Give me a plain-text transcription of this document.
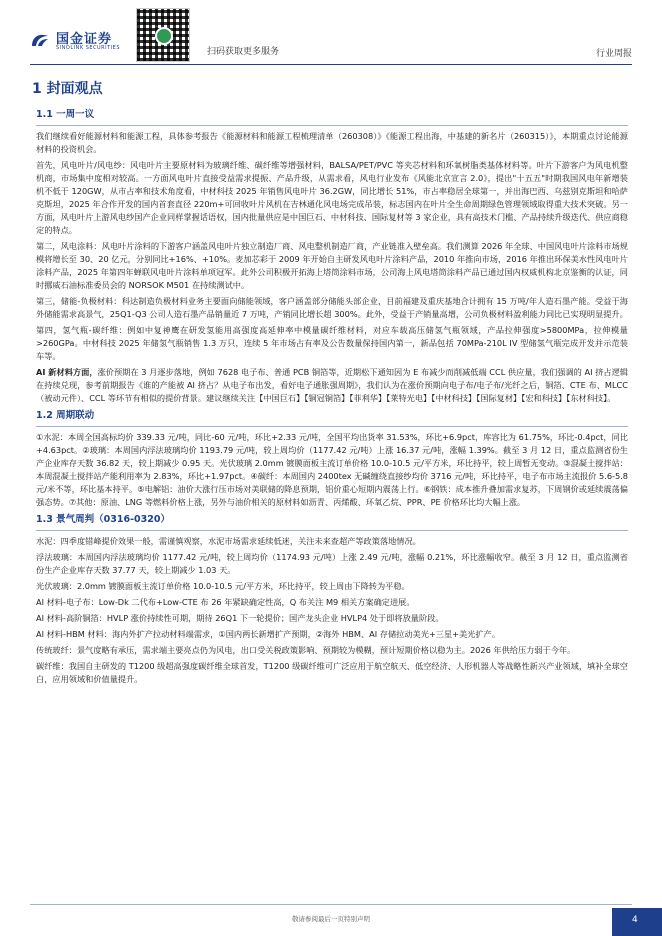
国金证券
SINOLINK SECURITIES	扫码获取更多服务	行业周报
1 封面观点
1.1 一周一议

我们继续看好能源材料和能源工程，具体参考报告《能源材料和能源工程梳理清单（260308）》《能源工程出海，中基建的新名片（260315）》，本期重点讨论能源材料的投资机会。

首先，风电叶片/风电纱：风电叶片主要原材料为玻璃纤维、碳纤维等增强材料，BALSA/PET/PVC 等夹芯材料和环氧树脂类基体材料等。叶片下游客户为风电机整机商，市场集中度相对较高。一方面风电叶片直接受益需求提振、产品升级，从需求看，风电行业发布《风能北京宣言 2.0》，提出"十五五"时期我国风电年新增装机不低于 120GW，从市占率和技术角度看，中材科技 2025 年销售风电叶片 36.2GW，同比增长 51%，市占率稳居全球第一，并出海巴西、乌兹别克斯坦和哈萨克斯坦，2025 年合作开发的国内首套直径 220m+可回收叶片风机在吉林通化风电场完成吊装，标志国内在叶片全生命周期绿色管理领域取得重大技术突破。另一方面，风电叶片上游风电纱国产企业同样掌握话语权，国内批量供应是中国巨石、中材科技、国际复材等 3 家企业，具有高技术门槛、产品持续升级迭代、供应商稳定的特点。

第二，风电涂料：风电叶片涂料的下游客户涵盖风电叶片独立制造厂商、风电整机制造厂商，产业链准入壁垒高。我们测算 2026 年全球、中国风电叶片涂料市场规模将增长至 30、20 亿元，分别同比+16%、+10%。麦加芯彩于 2009 年开始自主研发风电叶片涂料产品，2010 年推向市场，2016 年推出环保美水性风电叶片涂料产品，2025 年第四年蝉联风电叶片涂料单项冠军。此外公司积极开拓海上塔筒涂料市场，公司海上风电塔筒涂料产品已通过国内权威机构北京鉴衡的认证，同时挪威石油标准委员会的 NORSOK M501 在持续测试中。

第三，储能-负极材料：科达制造负极材料业务主要面向储能领域，客户涵盖部分储能头部企业，目前福建及重庆基地合计拥有 15 万吨/年人造石墨产能。受益于海外储能需求高景气，25Q1-Q3 公司人造石墨产品销量近 7 万吨，产销同比增长超 300%。此外，受益于产销量高增，公司负极材料盈利能力同比已实现明显提升。

第四，氢气瓶-碳纤维：例如中复神鹰在研发氢能用高强度高延伸率中模量碳纤维材料，对应车载高压储氢气瓶领域，产品拉伸强度>5800MPa，拉伸模量>260GPa。中材科技 2025 年储氢气瓶销售 1.3 万只，连续 5 年市场占有率及公告数量保持国内第一，新品包括 70MPa-210L IV 型储氢气瓶完成开发并示范装车等。

AI 新材料方面，涨价预期在 3 月逐步落地，例如 7628 电子布、普通 PCB 铜箔等，近期松下通知因为 E 布减少而削减低端 CCL 供应量，我们强调的 AI 挤占逻辑在持续兑现，参考前期报告《谁的产能被 AI 挤占？从电子布出发，看好电子通胀强周期》，我们认为在涨价预期向电子布/电子布/光纤之后，铜箔、CTE 布、MLCC（被动元件）、CCL 等环节有相似的提价背景。建议继续关注【中国巨石】【铜冠铜箔】【菲利华】【莱特光电】【中材科技】【国际复材】【宏和科技】【东材科技】。

1.2 周期联动

①水泥：本周全国高标均价 339.33 元/吨，同比-60 元/吨，环比+2.33 元/吨，全国平均出货率 31.53%，环比+6.9pct，库容比为 61.75%，环比-0.4pct，同比+4.63pct。②玻璃：本周国内浮法玻璃均价 1193.79 元/吨，较上周均价（1177.42 元/吨）上涨 16.37 元/吨，涨幅 1.39%。截至 3 月 12 日，重点监测省份生产企业库存天数 36.82 天，较上期减少 0.95 天。光伏玻璃 2.0mm 镀膜面板主流订单价格 10.0-10.5 元/平方米，环比持平，较上周暂无变动。③混凝土搅拌站：本周混凝土搅拌站产能利用率为 2.83%，环比+1.97pct。④碳纤：本周国内 2400tex 无碱缠绕直接纱均价 3716 元/吨，环比持平，电子布市场主流报价 5.6-5.8 元/米不等，环比基本持平。⑤电解铝：油价大涨行压市场对美联储的降息预期，铝价重心短期内震荡上行。⑥钢铁：成本推升叠加需求复苏，下周钢价或延续震荡偏强态势。⑦其他：原油、LNG 等燃料价格上涨，另外与油价相关的原材料如沥青、丙烯酸、环氧乙烷、PPR、PE 价格环比均大幅上涨。

1.3 景气周判（0316-0320）

水泥：四季度错峰提价效果一般，需谨慎观察，水泥市场需求延续低迷，关注未来查超产等政策落地情况。

浮法玻璃：本周国内浮法玻璃均价 1177.42 元/吨，较上周均价（1174.93 元/吨）上涨 2.49 元/吨，涨幅 0.21%，环比涨幅收窄。截至 3 月 12 日，重点监测省份生产企业库存天数 37.77 天，较上期减少 1.03 天。

光伏玻璃：2.0mm 镀膜面板主流订单价格 10.0-10.5 元/平方米，环比持平，较上周由下降转为平稳。

AI 材料-电子布：Low-Dk 二代布+Low-CTE 布 26 年紧缺确定性高，Q 布关注 M9 相关方案确定进展。

AI 材料-高阶铜箔：HVLP 涨价持续性可期，期待 26Q1 下一轮提价；国产龙头企业 HVLP4 处于即将放量阶段。

AI 材料-HBM 材料：海内外扩产拉动材料端需求，①国内两长新增扩产预期，②海外 HBM、AI 存储拉动美光+三星+美光扩产。

传统玻纤：景气度略有承压，需求端主要亮点仍为风电，出口受关税政策影响、预期较为模糊，预计短期价格以稳为主。2026 年供给压力弱于今年。

碳纤维：我国自主研发的 T1200 级超高强度碳纤维全球首发，T1200 级碳纤维可广泛应用于航空航天、低空经济、人形机器人等战略性新兴产业领域，填补全球空白，应用领域和价值量提升。

敬请参阅最后一页特别声明	4
